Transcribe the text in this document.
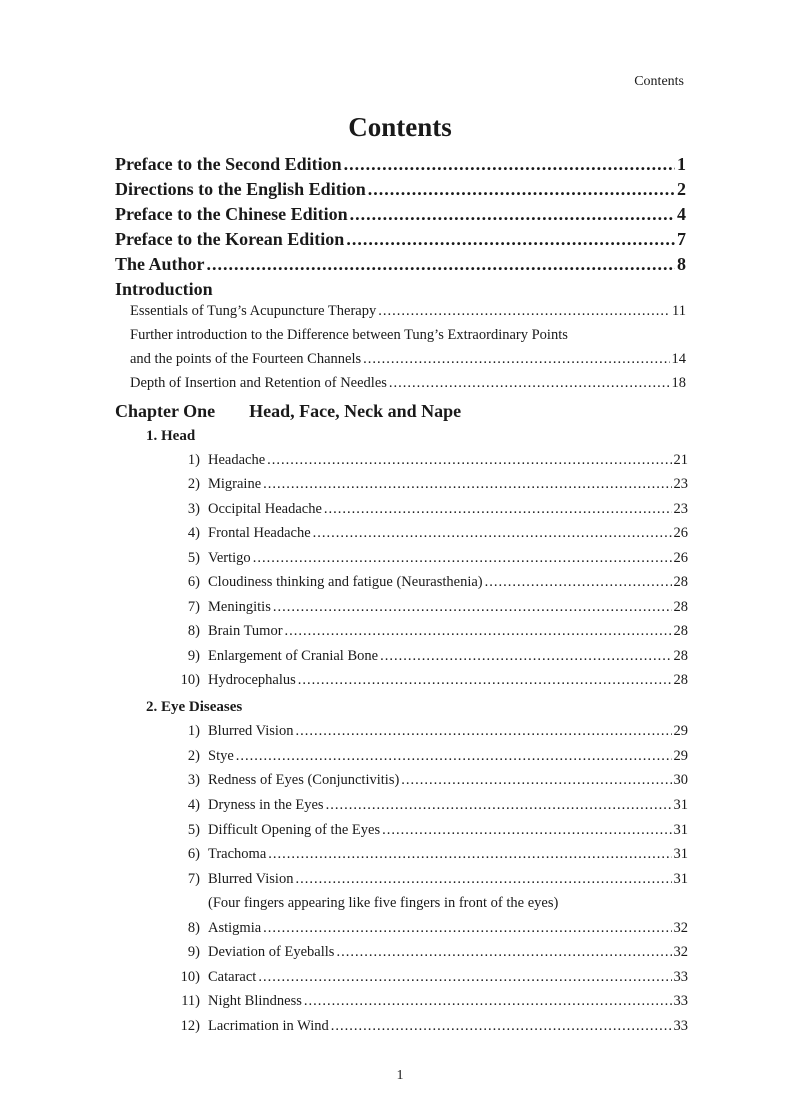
Contents
Contents
Preface to the Second Edition .....	1
Directions to the English Edition .....	2
Preface to the Chinese Edition .....	4
Preface to the Korean Edition .....	7
The Author .....	8
Introduction
Essentials of Tung’s Acupuncture Therapy .....	11
Further introduction to the Difference between Tung’s Extraordinary Points
and the points of the Fourteen Channels .....	14
Depth of Insertion and Retention of Needles .....	18
Chapter One Head, Face, Neck and Nape
1. Head
1) Headache .....	21
2) Migraine .....	23
3) Occipital Headache .....	23
4) Frontal Headache .....	26
5) Vertigo .....	26
6) Cloudiness thinking and fatigue (Neurasthenia) .....	28
7) Meningitis .....	28
8) Brain Tumor .....	28
9) Enlargement of Cranial Bone .....	28
10) Hydrocephalus .....	28
2. Eye Diseases
1) Blurred Vision .....	29
2) Stye .....	29
3) Redness of Eyes (Conjunctivitis) .....	30
4) Dryness in the Eyes .....	31
5) Difficult Opening of the Eyes .....	31
6) Trachoma .....	31
7) Blurred Vision .....	31
(Four fingers appearing like five fingers in front of the eyes)
8) Astigmia .....	32
9) Deviation of Eyeballs .....	32
10) Cataract .....	33
11) Night Blindness .....	33
12) Lacrimation in Wind .....	33
1
